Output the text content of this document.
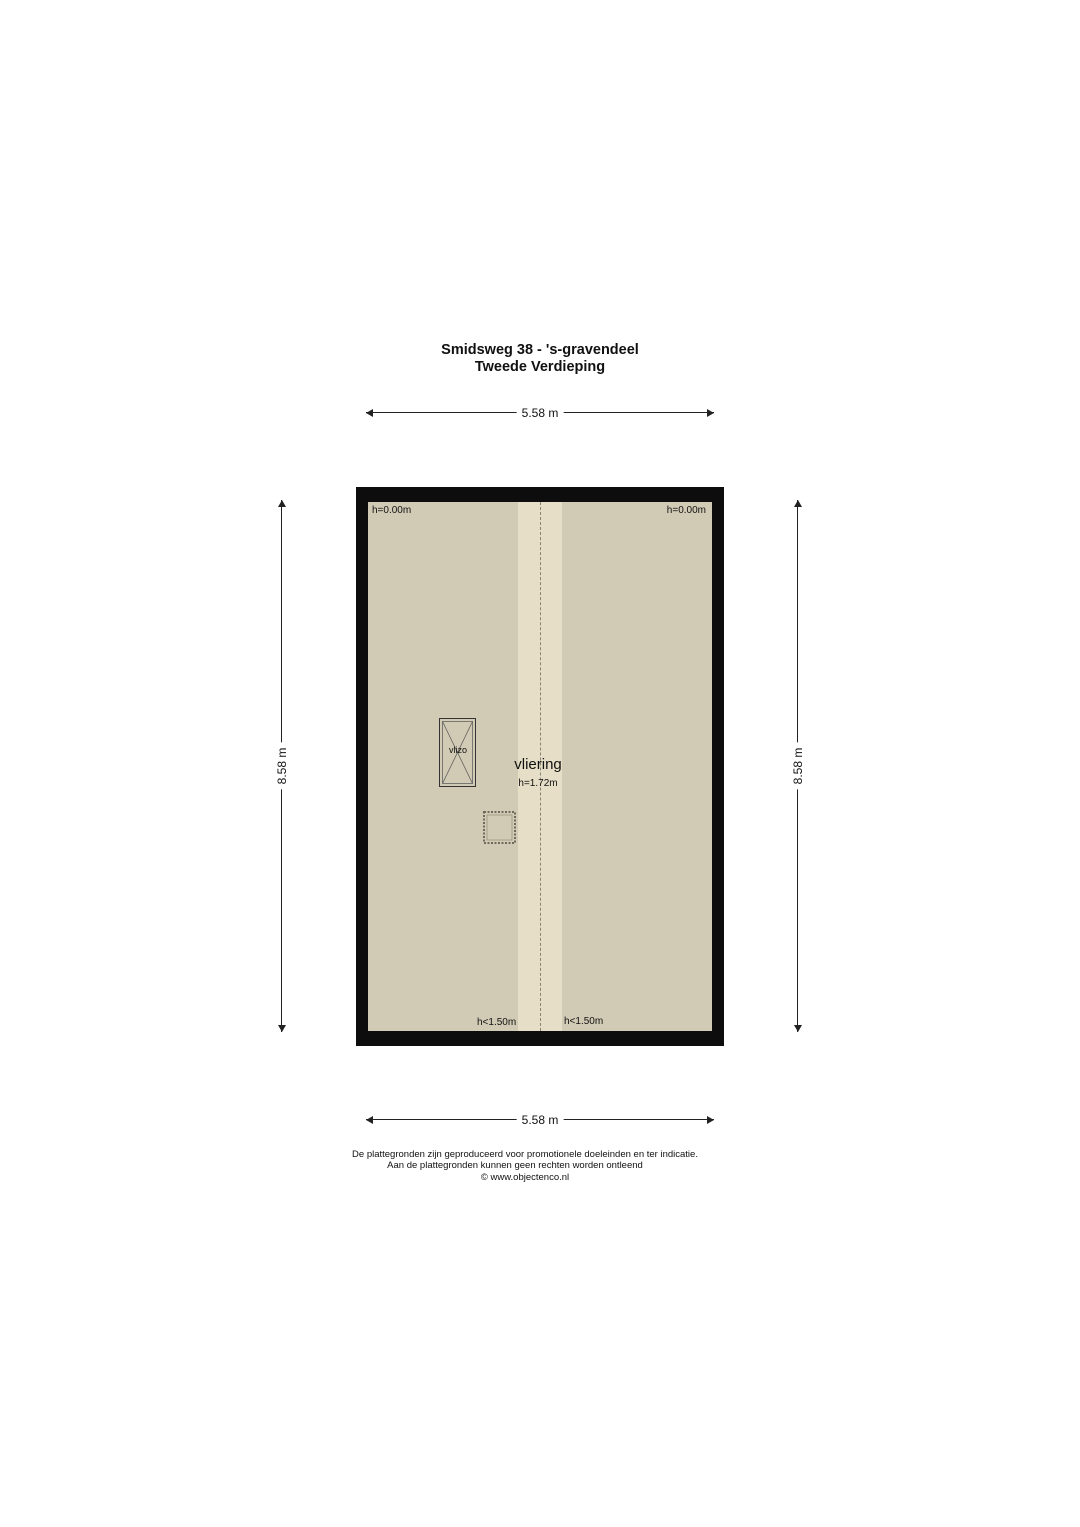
Smidsweg 38 - 's-gravendeel
Tweede Verdieping
5.58 m
8.58 m	8.58 m
h=0.00m	h=0.00m
h<1.50m	h<1.50m
vlizo
vliering
h=1.72m
5.58 m
De plattegronden zijn geproduceerd voor promotionele doeleinden en ter indicatie.
Aan de plattegronden kunnen geen rechten worden ontleend
© www.objectenco.nl
